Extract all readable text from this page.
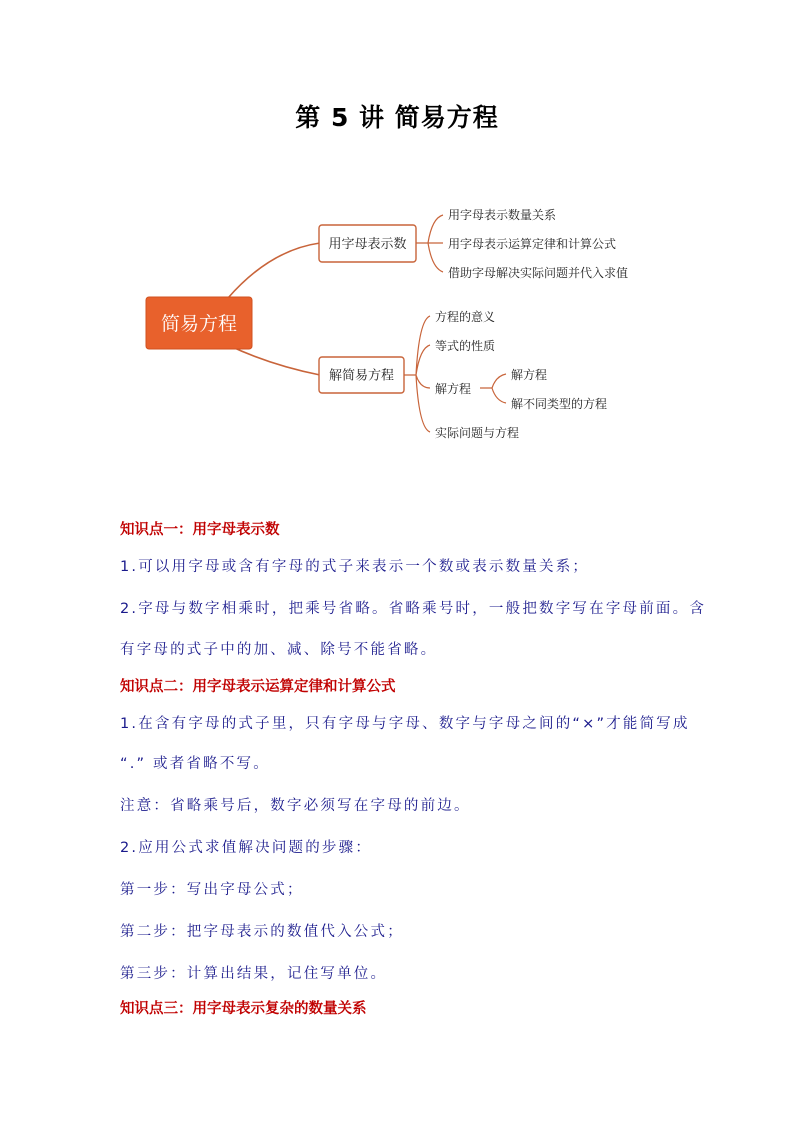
第 5 讲 简易方程
简易方程
用字母表示数
用字母表示数量关系
用字母表示运算定律和计算公式
借助字母解决实际问题并代入求值
解简易方程
方程的意义
等式的性质
解方程
实际问题与方程
解方程
解不同类型的方程
知识点一：用字母表示数
1.可以用字母或含有字母的式子来表示一个数或表示数量关系；
2.字母与数字相乘时，把乘号省略。省略乘号时，一般把数字写在字母前面。含
有字母的式子中的加、减、除号不能省略。
知识点二：用字母表示运算定律和计算公式
1.在含有字母的式子里，只有字母与字母、数字与字母之间的“×”才能简写成
“.” 或者省略不写。
注意：省略乘号后，数字必须写在字母的前边。
2.应用公式求值解决问题的步骤：
第一步：写出字母公式；
第二步：把字母表示的数值代入公式；
第三步：计算出结果，记住写单位。
知识点三：用字母表示复杂的数量关系
